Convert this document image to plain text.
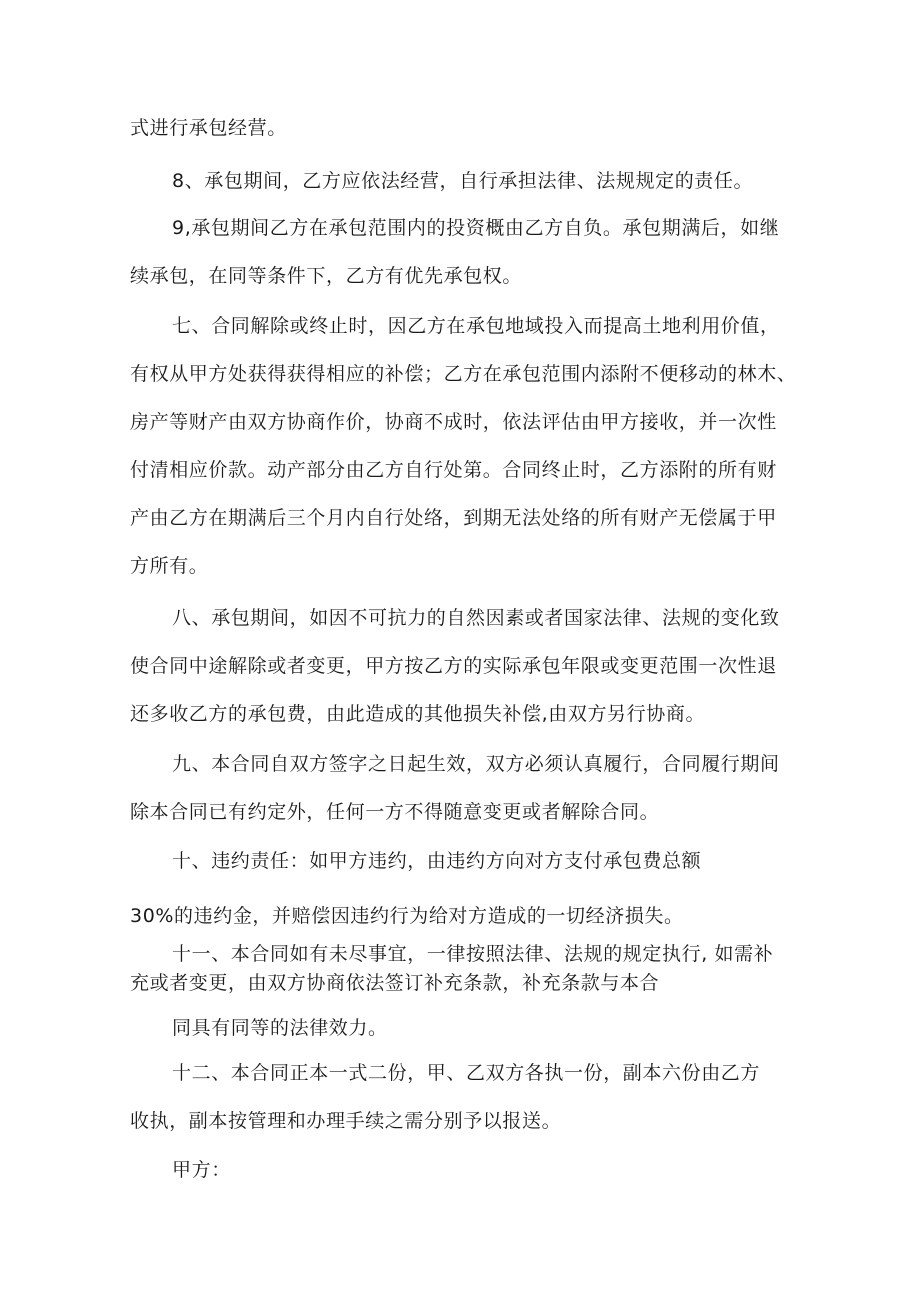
式进行承包经营。
8、承包期间，乙方应依法经营，自行承担法律、法规规定的责任。
9,承包期间乙方在承包范围内的投资概由乙方自负。承包期满后，如继
续承包，在同等条件下，乙方有优先承包权。
七、合同解除或终止时，因乙方在承包地域投入而提高土地利用价值，
有权从甲方处获得获得相应的补偿；乙方在承包范围内添附不便移动的林木、
房产等财产由双方协商作价，协商不成时，依法评估由甲方接收，并一次性
付清相应价款。动产部分由乙方自行处第。合同终止时，乙方添附的所有财
产由乙方在期满后三个月内自行处络，到期无法处络的所有财产无偿属于甲
方所有。
八、承包期间，如因不可抗力的自然因素或者国家法律、法规的变化致
使合同中途解除或者变更，甲方按乙方的实际承包年限或变更范围一次性退
还多收乙方的承包费，由此造成的其他损失补偿,由双方另行协商。
九、本合同自双方签字之日起生效，双方必须认真履行，合同履行期间
除本合同已有约定外，任何一方不得随意变更或者解除合同。
十、违约责任：如甲方违约，由违约方向对方支付承包费总额
30%的违约金，并赔偿因违约行为给对方造成的一切经济损失。
十一、本合同如有未尽事宜，一律按照法律、法规的规定执行, 如需补
充或者变更，由双方协商依法签订补充条款，补充条款与本合
同具有同等的法律效力。
十二、本合同正本一式二份，甲、乙双方各执一份，副本六份由乙方
收执，副本按管理和办理手续之需分别予以报送。
甲方：
